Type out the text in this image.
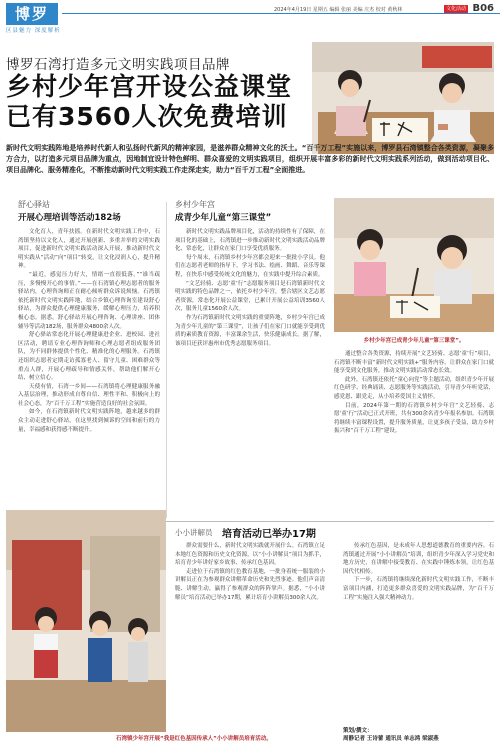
博罗
区县魅力 深度解析
2024年4月19日 星期五 编辑 张丽 美编 庄杰 校对 黄秋林	文化活动 B06
博罗石湾打造多元文明实践项目品牌
乡村少年宫开设公益课堂已有3560人次免费培训
新时代文明实践阵地是培养时代新人和弘扬时代新风的精神家园，是滋养群众精神文化的沃土。“百千万工程”实施以来，博罗县石湾镇整合各类资源，凝聚多方合力，以打造多元项目品牌为重点，因地制宜设计特色鲜明、群众喜爱的文明实践项目，组织开展丰富多彩的新时代文明实践系列活动，做到活动项目化、项目品牌化、服务精准化，不断推动新时代文明实践工作走深走实，助力“百千万工程”全面推进。
舒心驿站
开展心理培训等活动182场

文化育人，青年扶摇。在新时代文明实践工作中，石湾镇坚持以文化人，通过开展创新、多重并举的文明实践项目，促进新时代文明实践活动深入开展，推动新时代文明实践从“活动”向“项目”转变，让文化浸润人心，提升精神。

“最近，感觉压力好大，情绪一直很低落。”“谁当疏压，多慢慢开心的事情。”——在石湾镇心理志愿者的服务驿站内，心理咨询师正在耐心倾听群众诉说烦恼。石湾镇依托新时代文明实践阵地，结合乡镇心理咨询室建设舒心驿站，为群众提供心理健康服务，缓解心理压力，培养积极心态。据悉，舒心驿站开展心理咨询、心理讲座、团体辅导等活动182场，服务群众4800余人次。

舒心驿站常态化开展心理健康进企业、进校园、进社区活动，聘请专业心理咨询师和心理志愿者组成服务团队，为不同群体提供个性化、精准化的心理服务。石湾镇还组织志愿者定期走访孤寡老人、留守儿童、困难群众等重点人群，开展心理疏导和情感关怀，帮助他们解开心结、树立信心。

天使有情，石湾一乡间——石湾镇将心理健康服务融入基层治理，推动形成自尊自信、理性平和、积极向上的社会心态，为“百千万工程”实施营造良好的社会氛围。

如今，在石湾镇新时代文明实践阵地，越来越多的群众主动走进舒心驿站，在这里找到倾诉的空间和前行的力量，幸福感和获得感不断提升。

乡村少年宫
成青少年儿童“第三课堂”

新时代文明实践品牌项目化，活动的持续性有了保障，在项目化的基础上，石湾镇进一步推动新时代文明实践活动品牌化、常态化，让群众在家门口享受优质服务。

每个周末，石湾镇乡村少年宫都会迎来一批批小学员。他们在志愿者老师的指导下，学习书法、绘画、舞蹈、音乐等课程，在快乐中感受传统文化的魅力，在实践中提升综合素质。

“文艺轻骑、志愿‘童’行”志愿服务项目是石湾镇新时代文明实践的特色品牌之一，依托乡村少年宫，整合辖区文艺志愿者资源，常态化开展公益课堂，已累计开展公益培训3560人次，服务儿童1560余人次。

作为石湾镇新时代文明实践的重要阵地，乡村少年宫已成为青少年儿童的“第三课堂”，让孩子们在家门口就能享受到优质的素质教育资源，丰富课余生活，快乐健康成长。据了解，该项目还获评惠州市优秀志愿服务项目。	乡村少年宫已成青少年儿童“第三课堂”。

通过整合各类资源，持续开展“文艺轻骑、志愿‘童’行”项目，石湾镇不断丰富“新时代文明实践+”服务内容，让群众在家门口就能享受到文化服务，推动文明实践活动常态长效。

此外，石湾镇还依托“童心向党”等主题活动，组织青少年开展红色研学、经典诵读、志愿服务等实践活动，引导青少年听党话、感党恩、跟党走，从小培养爱国主义情怀。

目前，2024年第一期的石湾镇乡村少年宫“文艺轻骑、志愿‘童’行”活动已正式开班，共有300余名青少年报名参加。石湾镇将继续丰富课程设置，提升服务质量，让更多孩子受益，助力乡村振兴和“百千万工程”建设。

小小讲解员 培育活动已举办17期

群众需要什么，新时代文明实践就开展什么。石湾镇立足本地红色资源和历史文化资源，以“小小讲解员”项目为抓手，培育青少年讲好家乡故事、传承红色基因。

走进位于石湾镇的红色教育基地，一批身着统一服装的小讲解员正在为参观群众讲解革命历史和先烈事迹。他们声音清脆、讲解生动，赢得了参观群众的阵阵掌声。据悉，“小小讲解员”培育活动已举办17期，累计培育小讲解员300余人次。

传承红色基因，是未成年人思想道德教育的重要内容。石湾镇通过开展“小小讲解员”培训，组织青少年深入学习党史和地方历史，在讲解中接受教育、在实践中锤炼本领，让红色基因代代相传。

下一步，石湾镇将继续深化新时代文明实践工作，不断丰富项目内涵，打造更多群众喜爱的文明实践品牌，为“百千万工程”实施注入强大精神动力。

策划/撰文：
周静记者 王诗蕾 通讯员 单志鸿 梁淑燕
石湾镇少年宫开展“我是红色基因传承人”小小讲解员培育活动。
